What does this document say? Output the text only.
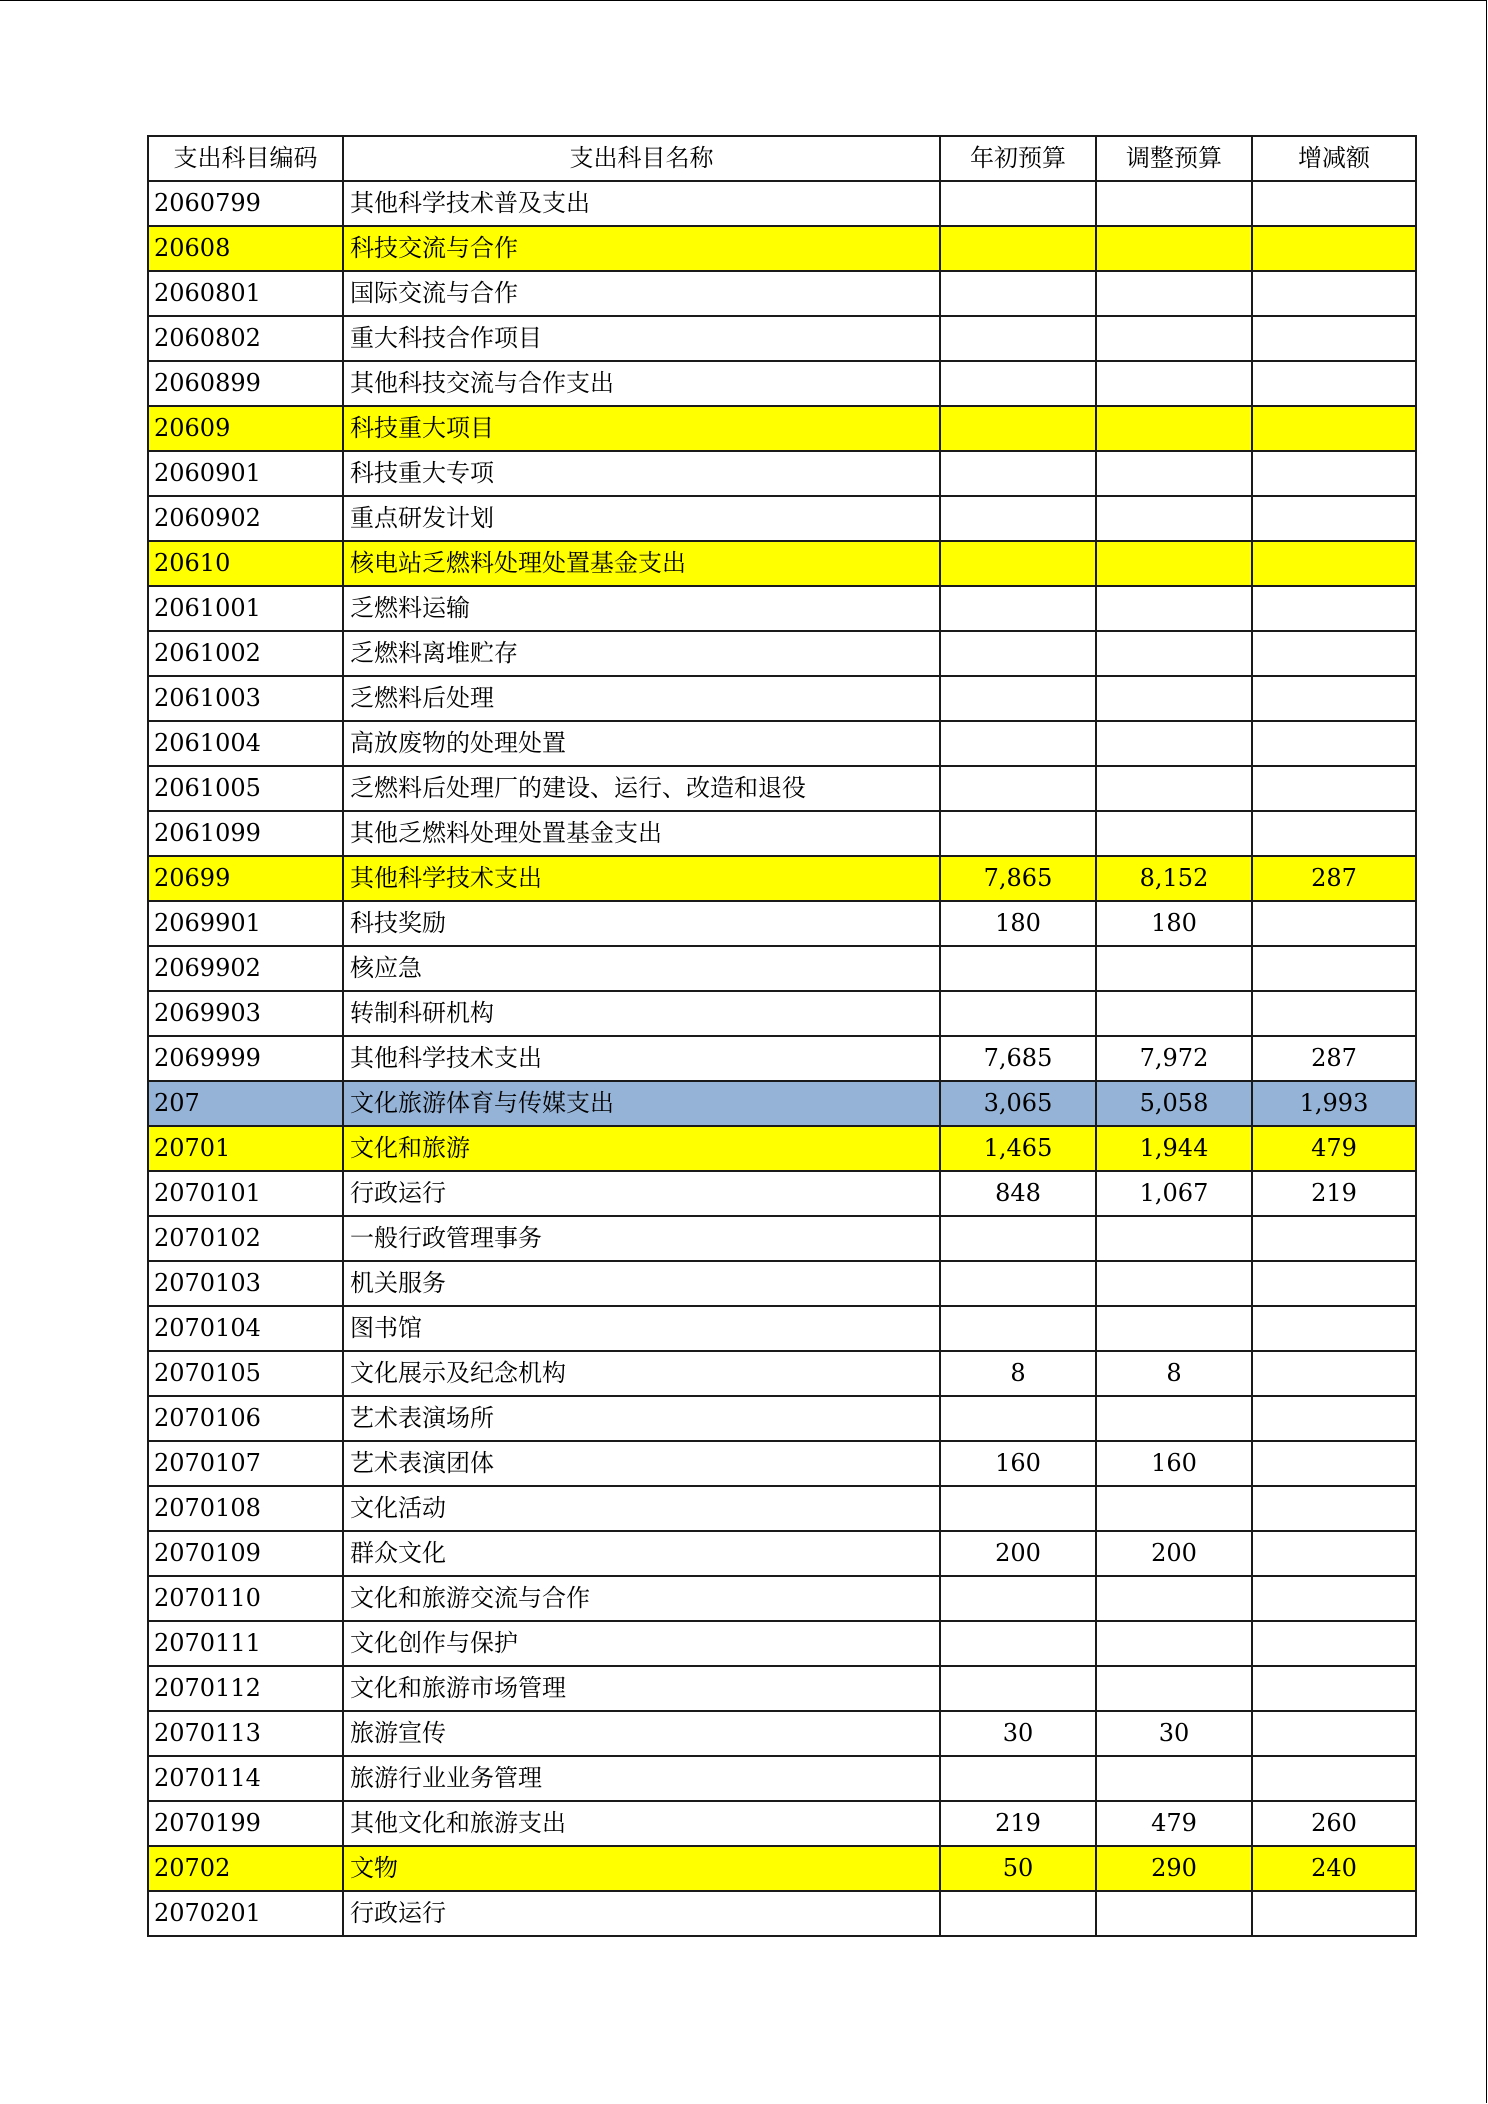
支出科目编码	支出科目名称	年初预算	调整预算	增减额
2060799	其他科学技术普及支出			
20608	科技交流与合作			
2060801	国际交流与合作			
2060802	重大科技合作项目			
2060899	其他科技交流与合作支出			
20609	科技重大项目			
2060901	科技重大专项			
2060902	重点研发计划			
20610	核电站乏燃料处理处置基金支出			
2061001	乏燃料运输			
2061002	乏燃料离堆贮存			
2061003	乏燃料后处理			
2061004	高放废物的处理处置			
2061005	乏燃料后处理厂的建设、运行、改造和退役			
2061099	其他乏燃料处理处置基金支出			
20699	其他科学技术支出	7,865	8,152	287
2069901	科技奖励	180	180	
2069902	核应急			
2069903	转制科研机构			
2069999	其他科学技术支出	7,685	7,972	287
207	文化旅游体育与传媒支出	3,065	5,058	1,993
20701	文化和旅游	1,465	1,944	479
2070101	行政运行	848	1,067	219
2070102	一般行政管理事务			
2070103	机关服务			
2070104	图书馆			
2070105	文化展示及纪念机构	8	8	
2070106	艺术表演场所			
2070107	艺术表演团体	160	160	
2070108	文化活动			
2070109	群众文化	200	200	
2070110	文化和旅游交流与合作			
2070111	文化创作与保护			
2070112	文化和旅游市场管理			
2070113	旅游宣传	30	30	
2070114	旅游行业业务管理			
2070199	其他文化和旅游支出	219	479	260
20702	文物	50	290	240
2070201	行政运行			
